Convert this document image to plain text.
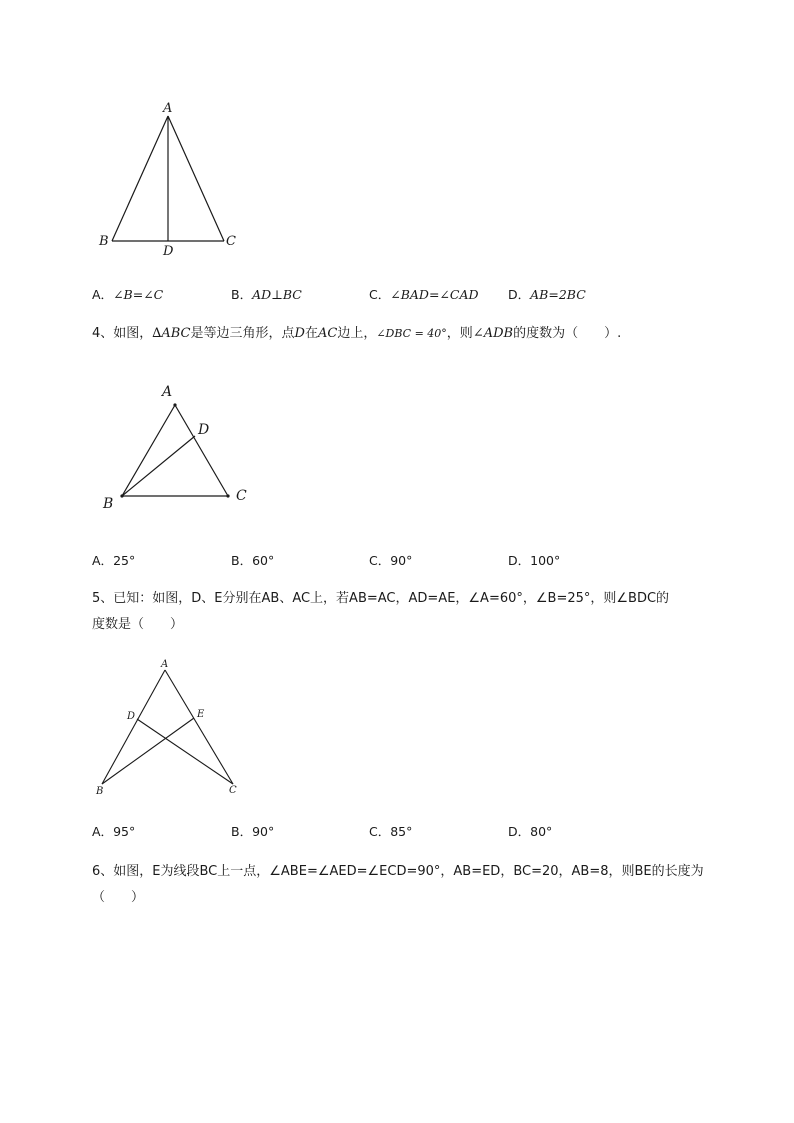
A
B	C
D
A．∠B=∠C	B．AD⊥BC	C．∠BAD=∠CAD D．AB=2BC
4、如图，∆ABC是等边三角形，点D在AC边上，∠DBC = 40°，则∠ADB的度数为（　　）.
A
D
B	C
A．25°	B．60°	C．90°	D．100°
5、已知：如图，D、E分别在AB、AC上，若AB=AC，AD=AE，∠A=60°，∠B=25°，则∠BDC的
度数是（　　）
A
D	E
B	C
A．95°	B．90°	C．85°	D．80°
6、如图，E为线段BC上一点，∠ABE=∠AED=∠ECD=90°，AB=ED，BC=20，AB=8，则BE的长度为
（　　）
